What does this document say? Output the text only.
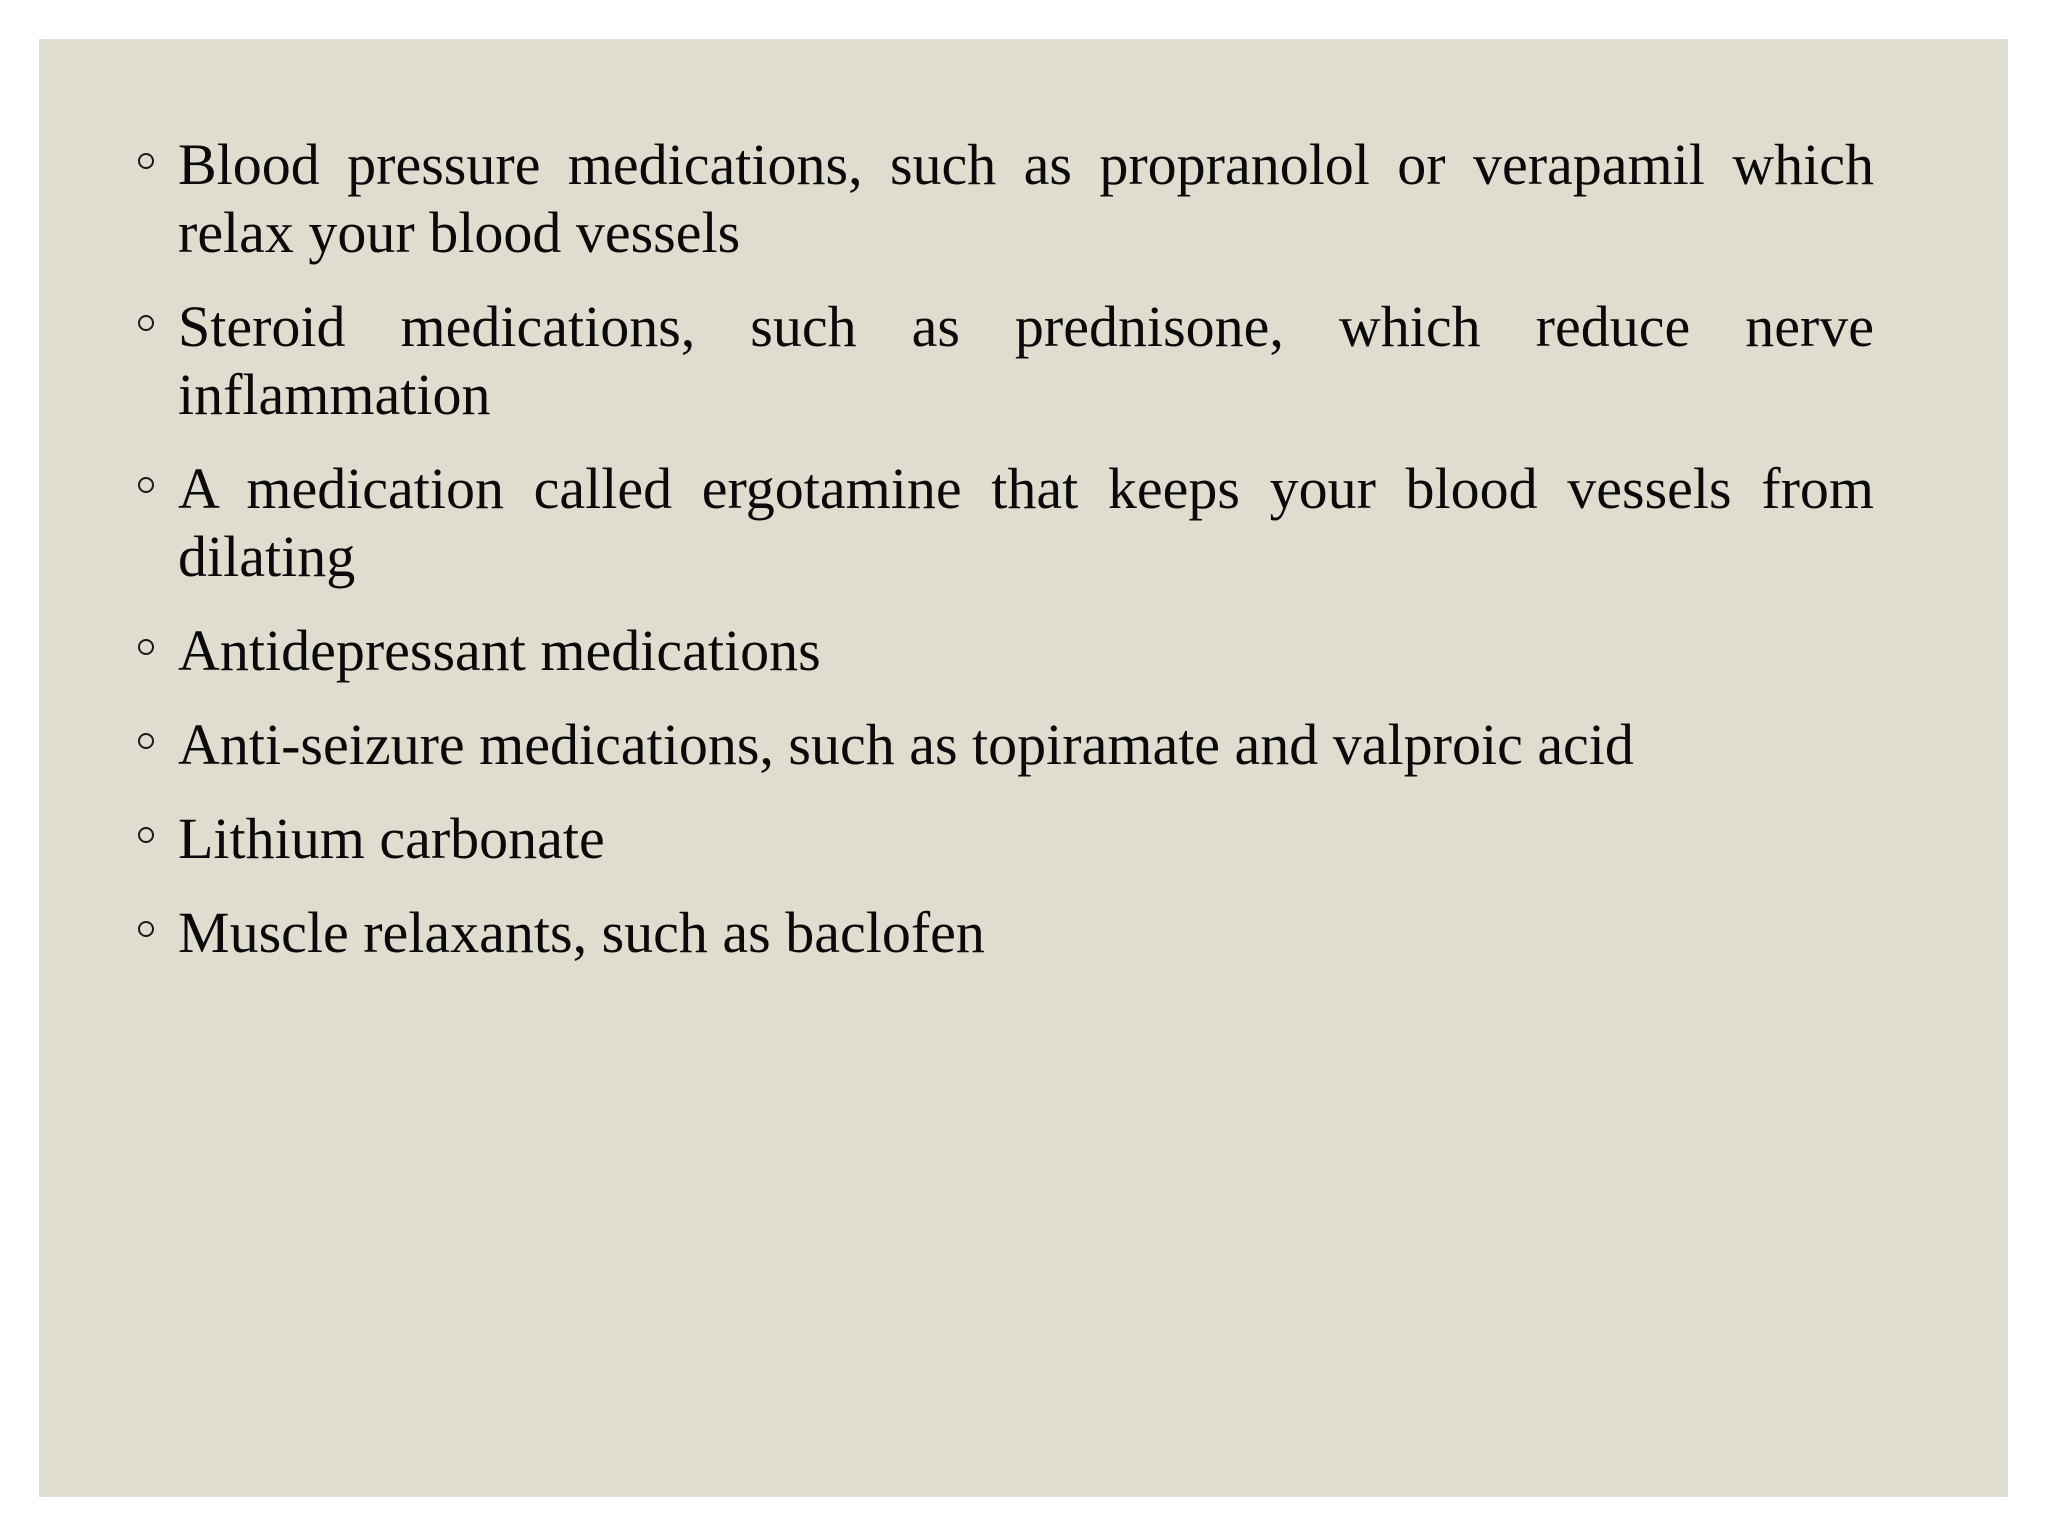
Blood pressure medications, such as propranolol or verapamil which relax your blood vessels
Steroid medications, such as prednisone, which reduce nerve inflammation
A medication called ergotamine that keeps your blood vessels from dilating
Antidepressant medications
Anti-seizure medications, such as topiramate and valproic acid
Lithium carbonate
Muscle relaxants, such as baclofen
